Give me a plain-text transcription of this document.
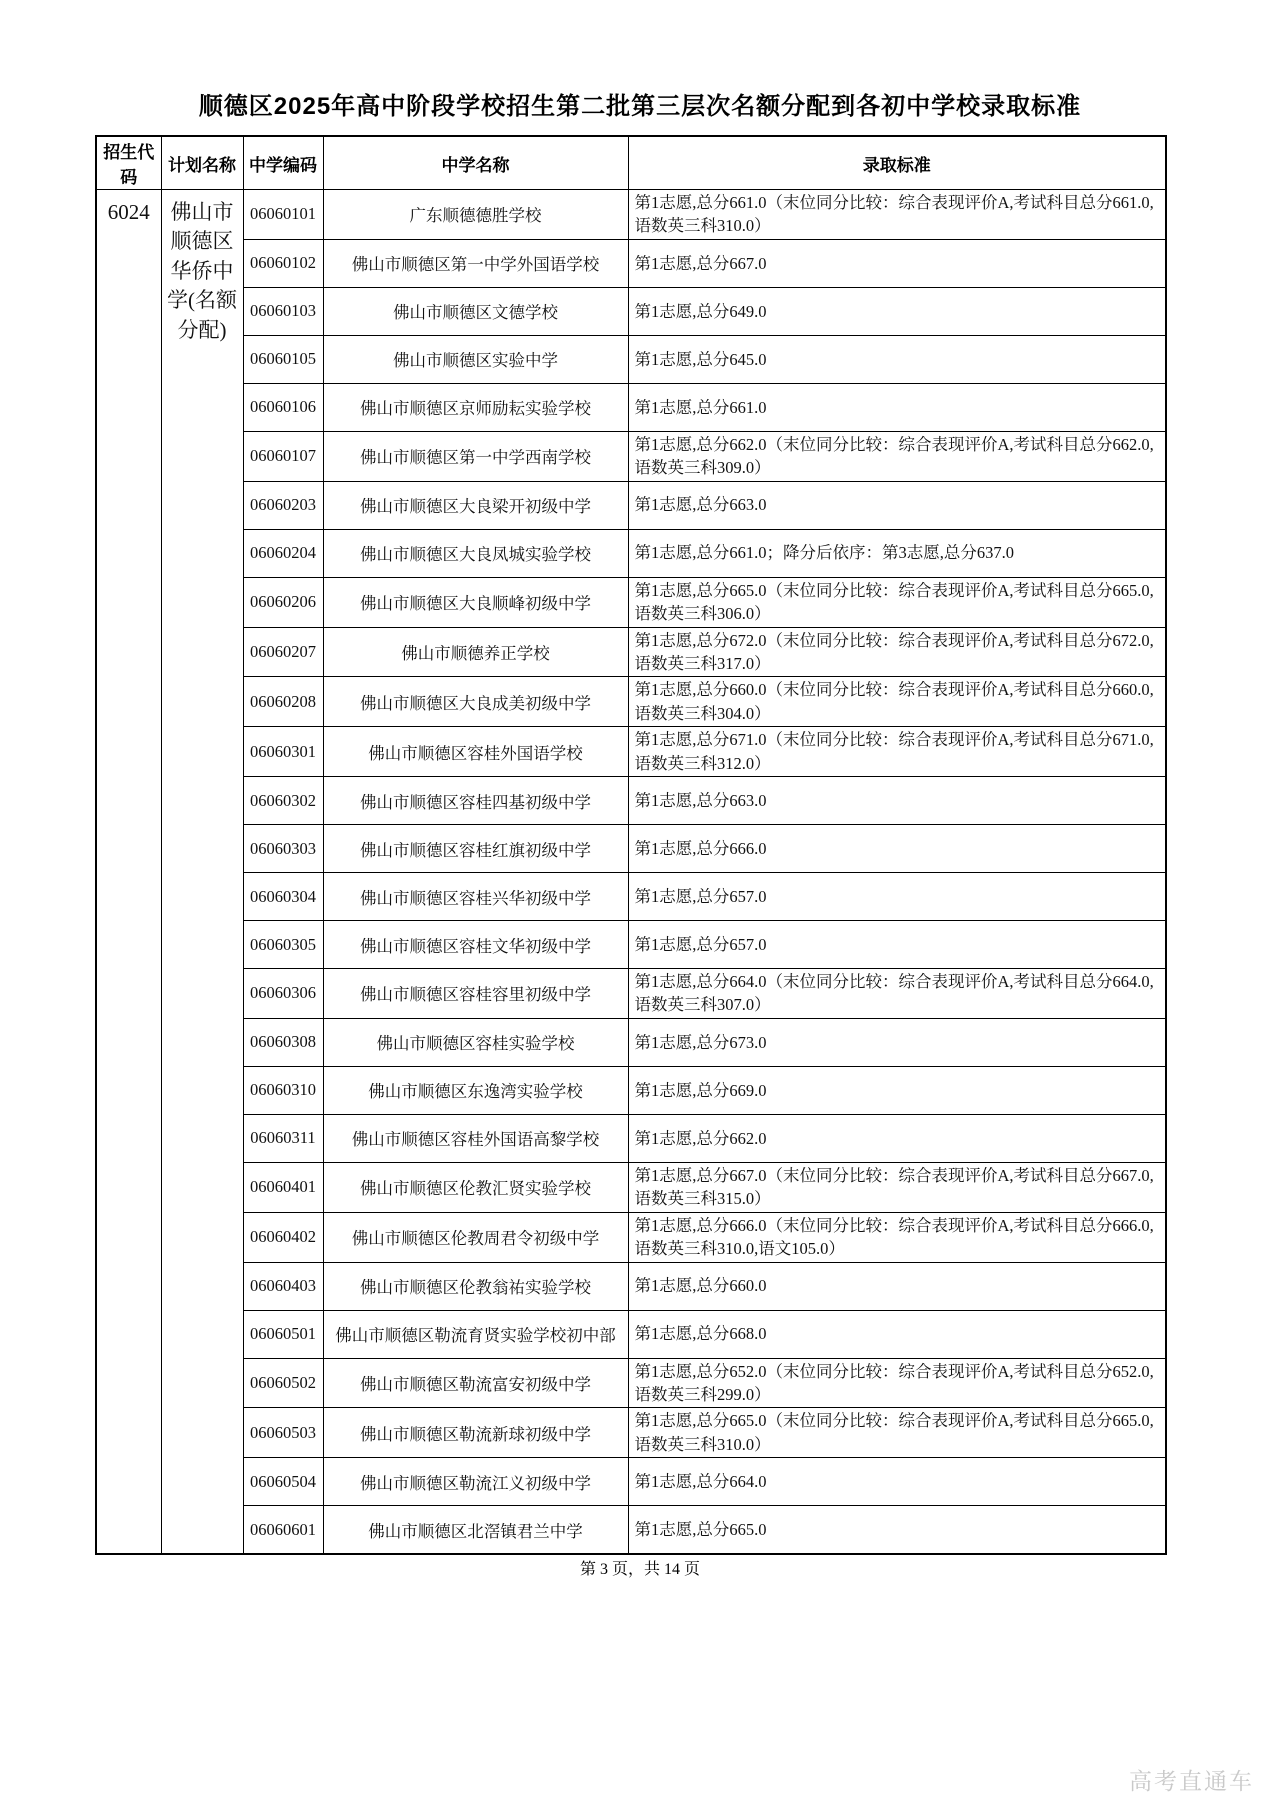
顺德区2025年高中阶段学校招生第二批第三层次名额分配到各初中学校录取标准
招生代码	计划名称	中学编码	中学名称	录取标准
6024	佛山市顺德区华侨中学(名额分配)	06060101	广东顺德德胜学校	第1志愿,总分661.0（末位同分比较：综合表现评价A,考试科目总分661.0,语数英三科310.0）
		06060102	佛山市顺德区第一中学外国语学校	第1志愿,总分667.0
		06060103	佛山市顺德区文德学校	第1志愿,总分649.0
		06060105	佛山市顺德区实验中学	第1志愿,总分645.0
		06060106	佛山市顺德区京师励耘实验学校	第1志愿,总分661.0
		06060107	佛山市顺德区第一中学西南学校	第1志愿,总分662.0（末位同分比较：综合表现评价A,考试科目总分662.0,语数英三科309.0）
		06060203	佛山市顺德区大良梁开初级中学	第1志愿,总分663.0
		06060204	佛山市顺德区大良凤城实验学校	第1志愿,总分661.0；降分后依序：第3志愿,总分637.0
		06060206	佛山市顺德区大良顺峰初级中学	第1志愿,总分665.0（末位同分比较：综合表现评价A,考试科目总分665.0,语数英三科306.0）
		06060207	佛山市顺德养正学校	第1志愿,总分672.0（末位同分比较：综合表现评价A,考试科目总分672.0,语数英三科317.0）
		06060208	佛山市顺德区大良成美初级中学	第1志愿,总分660.0（末位同分比较：综合表现评价A,考试科目总分660.0,语数英三科304.0）
		06060301	佛山市顺德区容桂外国语学校	第1志愿,总分671.0（末位同分比较：综合表现评价A,考试科目总分671.0,语数英三科312.0）
		06060302	佛山市顺德区容桂四基初级中学	第1志愿,总分663.0
		06060303	佛山市顺德区容桂红旗初级中学	第1志愿,总分666.0
		06060304	佛山市顺德区容桂兴华初级中学	第1志愿,总分657.0
		06060305	佛山市顺德区容桂文华初级中学	第1志愿,总分657.0
		06060306	佛山市顺德区容桂容里初级中学	第1志愿,总分664.0（末位同分比较：综合表现评价A,考试科目总分664.0,语数英三科307.0）
		06060308	佛山市顺德区容桂实验学校	第1志愿,总分673.0
		06060310	佛山市顺德区东逸湾实验学校	第1志愿,总分669.0
		06060311	佛山市顺德区容桂外国语高黎学校	第1志愿,总分662.0
		06060401	佛山市顺德区伦教汇贤实验学校	第1志愿,总分667.0（末位同分比较：综合表现评价A,考试科目总分667.0,语数英三科315.0）
		06060402	佛山市顺德区伦教周君令初级中学	第1志愿,总分666.0（末位同分比较：综合表现评价A,考试科目总分666.0,语数英三科310.0,语文105.0）
		06060403	佛山市顺德区伦教翁祐实验学校	第1志愿,总分660.0
		06060501	佛山市顺德区勒流育贤实验学校初中部	第1志愿,总分668.0
		06060502	佛山市顺德区勒流富安初级中学	第1志愿,总分652.0（末位同分比较：综合表现评价A,考试科目总分652.0,语数英三科299.0）
		06060503	佛山市顺德区勒流新球初级中学	第1志愿,总分665.0（末位同分比较：综合表现评价A,考试科目总分665.0,语数英三科310.0）
		06060504	佛山市顺德区勒流江义初级中学	第1志愿,总分664.0
		06060601	佛山市顺德区北滘镇君兰中学	第1志愿,总分665.0
第 3 页，共 14 页
高考直通车
